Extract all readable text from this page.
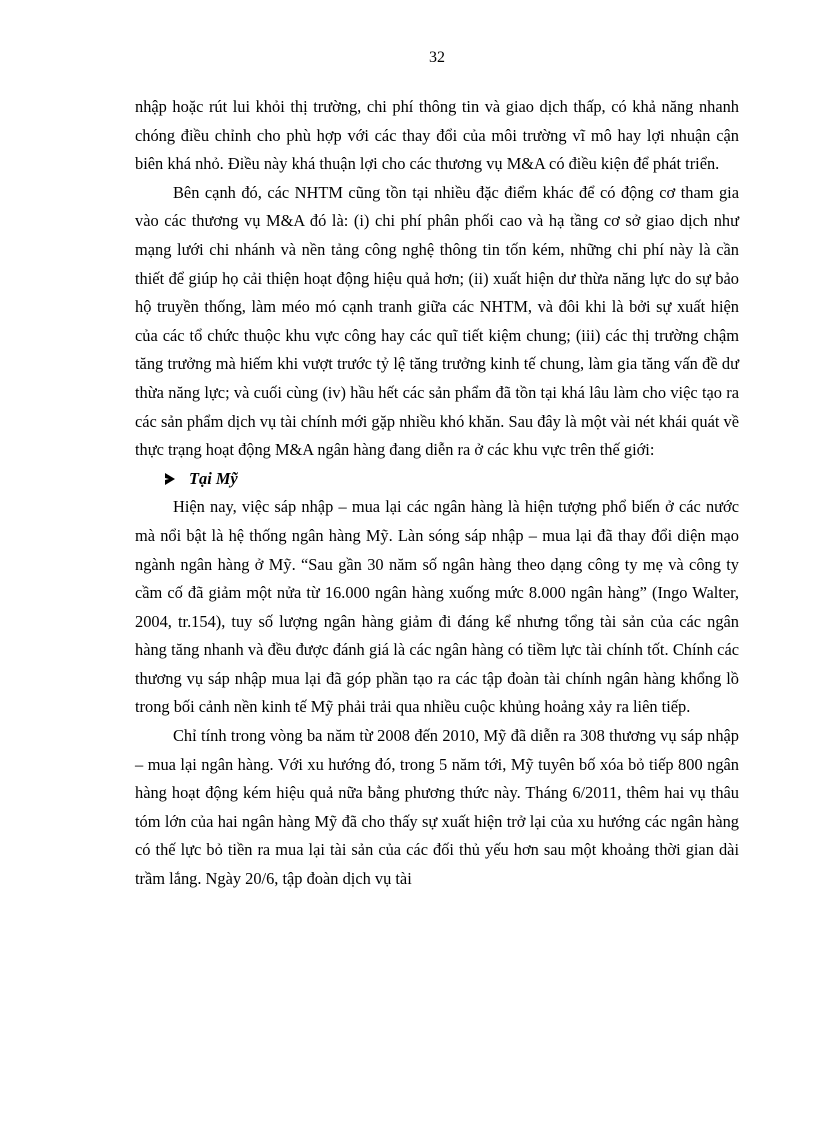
32

nhập hoặc rút lui khỏi thị trường, chi phí thông tin và giao dịch thấp, có khả năng nhanh chóng điều chỉnh cho phù hợp với các thay đổi của môi trường vĩ mô hay lợi nhuận cận biên khá nhỏ. Điều này khá thuận lợi cho các thương vụ M&A có điều kiện để phát triển.

Bên cạnh đó, các NHTM cũng tồn tại nhiều đặc điểm khác để có động cơ tham gia vào các thương vụ M&A đó là: (i) chi phí phân phối cao và hạ tầng cơ sở giao dịch như mạng lưới chi nhánh và nền tảng công nghệ thông tin tốn kém, những chi phí này là cần thiết để giúp họ cải thiện hoạt động hiệu quả hơn; (ii) xuất hiện dư thừa năng lực do sự bảo hộ truyền thống, làm méo mó cạnh tranh giữa các NHTM, và đôi khi là bởi sự xuất hiện của các tổ chức thuộc khu vực công hay các quĩ tiết kiệm chung; (iii) các thị trường chậm tăng trưởng mà hiếm khi vượt trước tỷ lệ tăng trưởng kinh tế chung, làm gia tăng vấn đề dư thừa năng lực; và cuối cùng (iv) hầu hết các sản phẩm đã tồn tại khá lâu làm cho việc tạo ra các sản phẩm dịch vụ tài chính mới gặp nhiều khó khăn. Sau đây là một vài nét khái quát về thực trạng hoạt động M&A ngân hàng đang diễn ra ở các khu vực trên thế giới:

Tại Mỹ

Hiện nay, việc sáp nhập – mua lại các ngân hàng là hiện tượng phổ biến ở các nước mà nổi bật là hệ thống ngân hàng Mỹ. Làn sóng sáp nhập – mua lại đã thay đổi diện mạo ngành ngân hàng ở Mỹ. “Sau gần 30 năm số ngân hàng theo dạng công ty mẹ và công ty cầm cố đã giảm một nửa từ 16.000 ngân hàng xuống mức 8.000 ngân hàng” (Ingo Walter, 2004, tr.154), tuy số lượng ngân hàng giảm đi đáng kể nhưng tổng tài sản của các ngân hàng tăng nhanh và đều được đánh giá là các ngân hàng có tiềm lực tài chính tốt. Chính các thương vụ sáp nhập mua lại đã góp phần tạo ra các tập đoàn tài chính ngân hàng khổng lồ trong bối cảnh nền kinh tế Mỹ phải trải qua nhiều cuộc khủng hoảng xảy ra liên tiếp.

Chỉ tính trong vòng ba năm từ 2008 đến 2010, Mỹ đã diễn ra 308 thương vụ sáp nhập – mua lại ngân hàng. Với xu hướng đó, trong 5 năm tới, Mỹ tuyên bố xóa bỏ tiếp 800 ngân hàng hoạt động kém hiệu quả nữa bằng phương thức này. Tháng 6/2011, thêm hai vụ thâu tóm lớn của hai ngân hàng Mỹ đã cho thấy sự xuất hiện trở lại của xu hướng các ngân hàng có thế lực bỏ tiền ra mua lại tài sản của các đối thủ yếu hơn sau một khoảng thời gian dài trầm lắng. Ngày 20/6, tập đoàn dịch vụ tài
